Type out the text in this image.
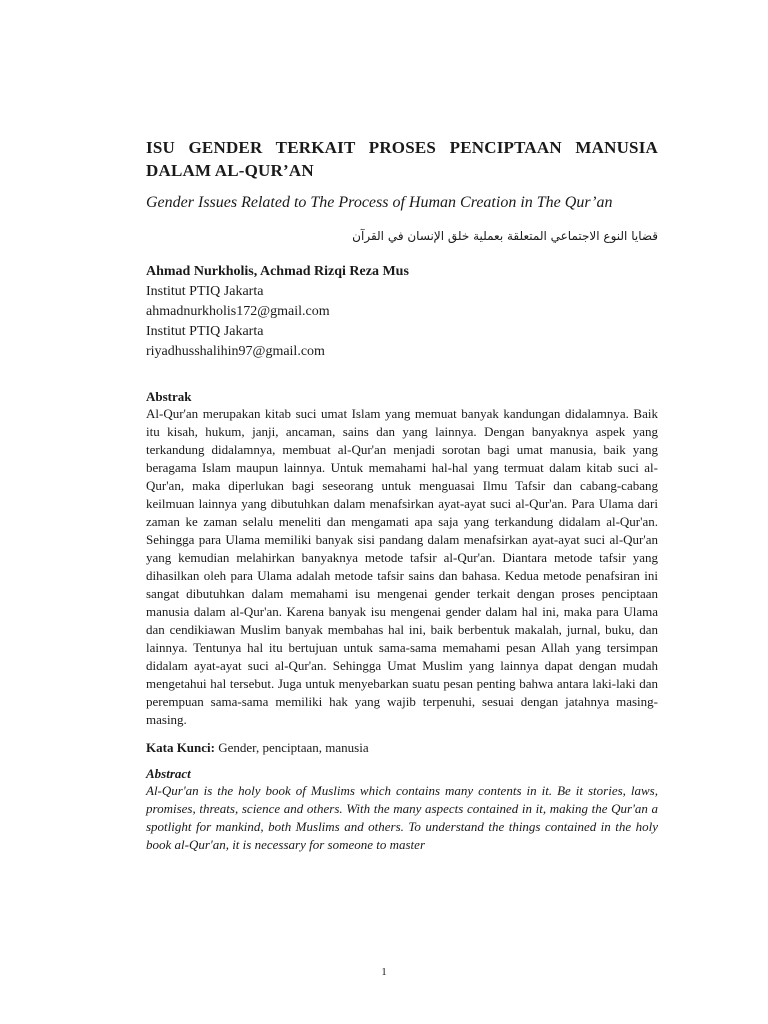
ISU GENDER TERKAIT PROSES PENCIPTAAN MANUSIA DALAM AL-QUR’AN

Gender Issues Related to The Process of Human Creation in The Qur’an

قضايا النوع الاجتماعي المتعلقة بعملية خلق الإنسان في القرآن

Ahmad Nurkholis, Achmad Rizqi Reza Mus
Institut PTIQ Jakarta
ahmadnurkholis172@gmail.com
Institut PTIQ Jakarta
riyadhusshalihin97@gmail.com
Abstrak

Al-Qur'an merupakan kitab suci umat Islam yang memuat banyak kandungan didalamnya. Baik itu kisah, hukum, janji, ancaman, sains dan yang lainnya. Dengan banyaknya aspek yang terkandung didalamnya, membuat al-Qur'an menjadi sorotan bagi umat manusia, baik yang beragama Islam maupun lainnya. Untuk memahami hal-hal yang termuat dalam kitab suci al-Qur'an, maka diperlukan bagi seseorang untuk menguasai Ilmu Tafsir dan cabang-cabang keilmuan lainnya yang dibutuhkan dalam menafsirkan ayat-ayat suci al-Qur'an. Para Ulama dari zaman ke zaman selalu meneliti dan mengamati apa saja yang terkandung didalam al-Qur'an. Sehingga para Ulama memiliki banyak sisi pandang dalam menafsirkan ayat-ayat suci al-Qur'an yang kemudian melahirkan banyaknya metode tafsir al-Qur'an. Diantara metode tafsir yang dihasilkan oleh para Ulama adalah metode tafsir sains dan bahasa. Kedua metode penafsiran ini sangat dibutuhkan dalam memahami isu mengenai gender terkait dengan proses penciptaan manusia dalam al-Qur'an. Karena banyak isu mengenai gender dalam hal ini, maka para Ulama dan cendikiawan Muslim banyak membahas hal ini, baik berbentuk makalah, jurnal, buku, dan lainnya. Tentunya hal itu bertujuan untuk sama-sama memahami pesan Allah yang tersimpan didalam ayat-ayat suci al-Qur'an. Sehingga Umat Muslim yang lainnya dapat dengan mudah mengetahui hal tersebut. Juga untuk menyebarkan suatu pesan penting bahwa antara laki-laki dan perempuan sama-sama memiliki hak yang wajib terpenuhi, sesuai dengan jatahnya masing-masing.

Kata Kunci: Gender, penciptaan, manusia
Abstract

Al-Qur'an is the holy book of Muslims which contains many contents in it. Be it stories, laws, promises, threats, science and others. With the many aspects contained in it, making the Qur'an a spotlight for mankind, both Muslims and others. To understand the things contained in the holy book al-Qur'an, it is necessary for someone to master

1
